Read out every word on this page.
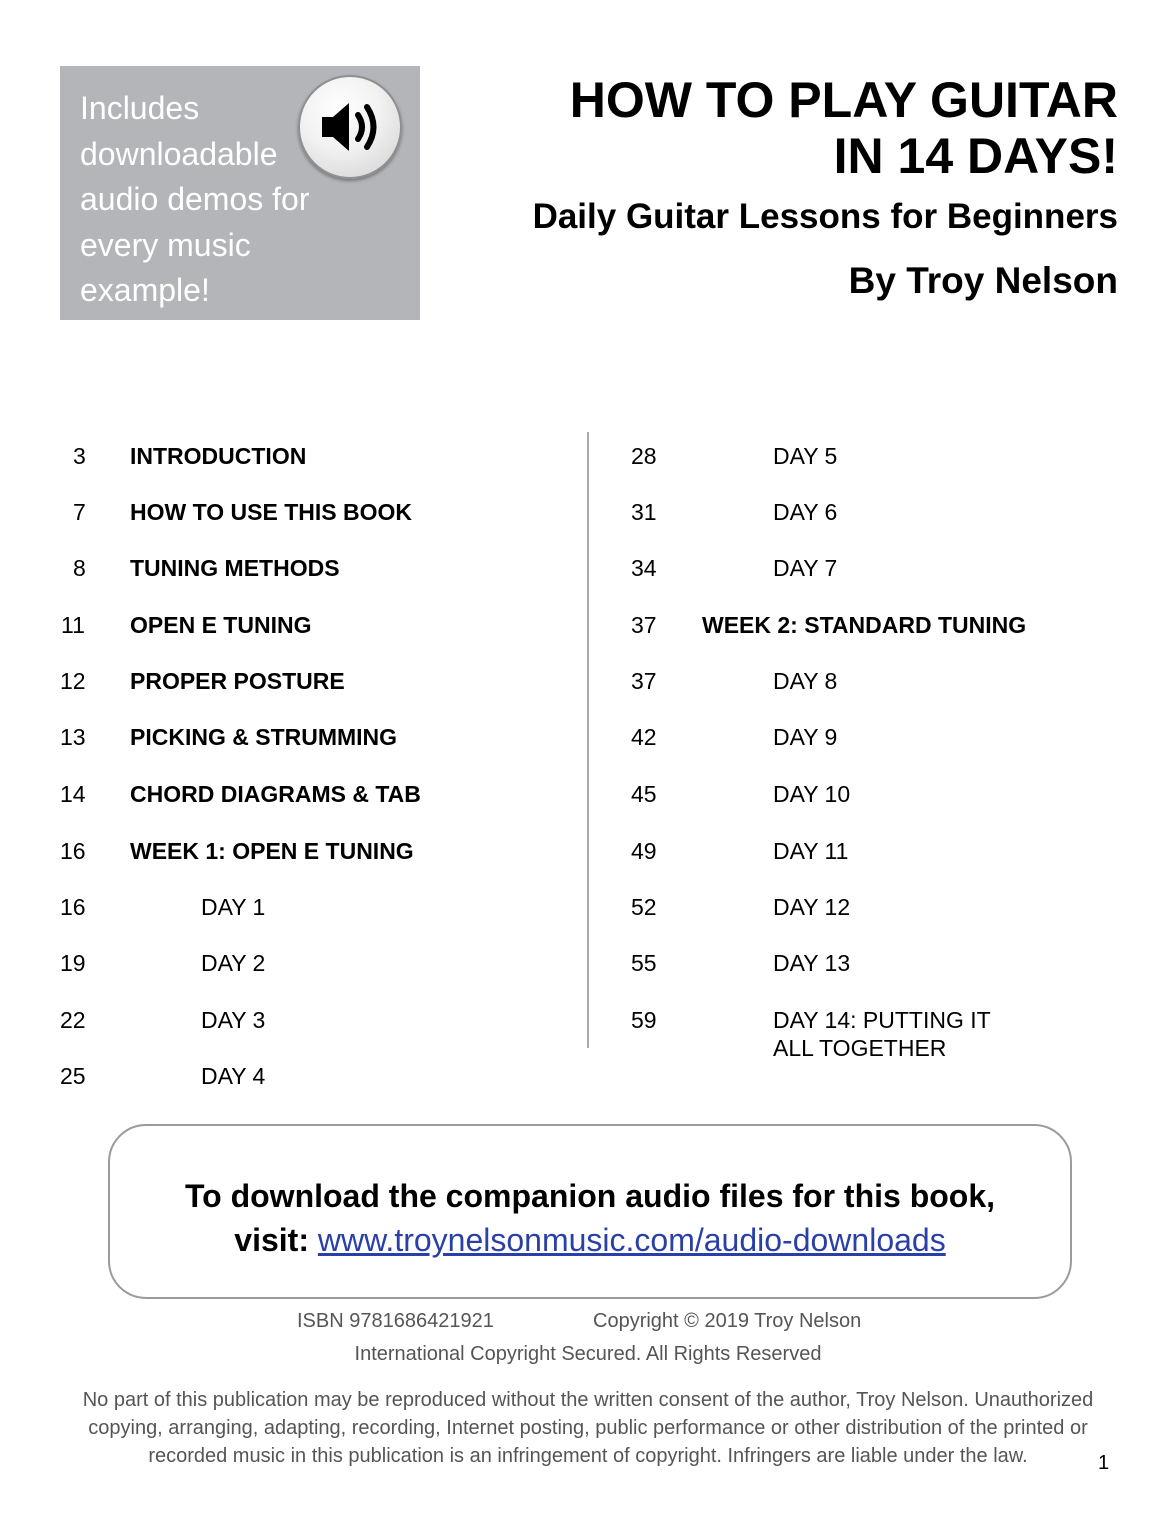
Includes downloadable audio demos for every music example!
HOW TO PLAY GUITAR
IN 14 DAYS!
Daily Guitar Lessons for Beginners
By Troy Nelson
3 INTRODUCTION
7 HOW TO USE THIS BOOK
8 TUNING METHODS
11 OPEN E TUNING
12 PROPER POSTURE
13 PICKING & STRUMMING
14 CHORD DIAGRAMS & TAB
16 WEEK 1: OPEN E TUNING
16	DAY 1
19	DAY 2
22	DAY 3
25	DAY 4
28	DAY 5
31	DAY 6
34	DAY 7
37 WEEK 2: STANDARD TUNING
37	DAY 8
42	DAY 9
45	DAY 10
49	DAY 11
52	DAY 12
55	DAY 13
59	DAY 14: PUTTING IT
ALL TOGETHER
To download the companion audio files for this book,
visit: www.troynelsonmusic.com/audio-downloads
ISBN 9781686421921	Copyright © 2019 Troy Nelson
International Copyright Secured. All Rights Reserved
No part of this publication may be reproduced without the written consent of the author, Troy Nelson. Unauthorized
copying, arranging, adapting, recording, Internet posting, public performance or other distribution of the printed or
recorded music in this publication is an infringement of copyright. Infringers are liable under the law.	1
